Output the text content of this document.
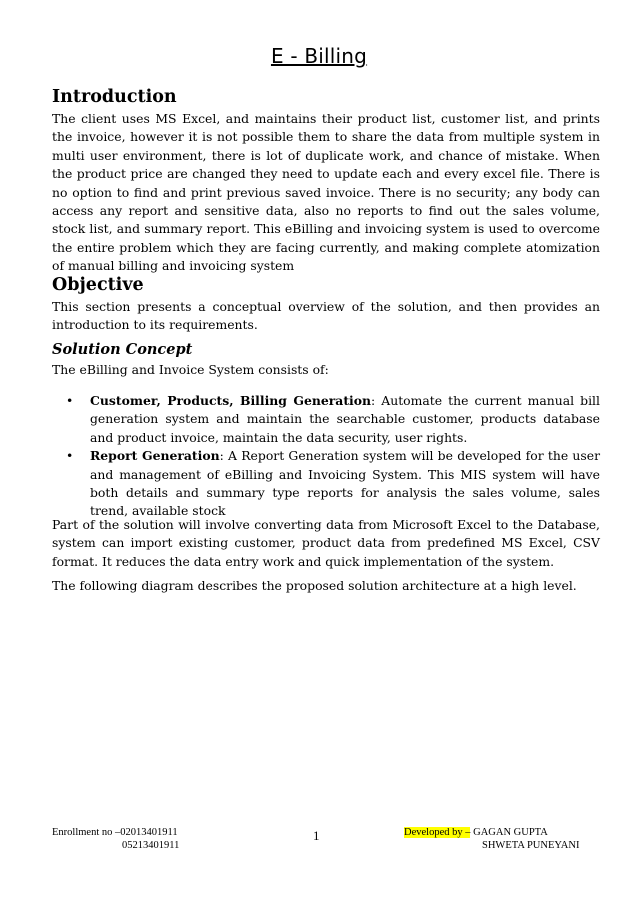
E - Billing
Introduction
The client uses MS Excel, and maintains their product list, customer list, and prints the invoice, however it is not possible them to share the data from multiple system in multi user environment, there is lot of duplicate work, and chance of mistake. When the product price are changed they need to update each and every excel file. There is no option to find and print previous saved invoice. There is no security; any body can access any report and sensitive data, also no reports to find out the sales volume, stock list, and summary report. This eBilling and invoicing system is used to overcome the entire problem which they are facing currently, and making complete atomization of manual billing and invoicing system
Objective
This section presents a conceptual overview of the solution, and then provides an introduction to its requirements.
Solution Concept
The eBilling and Invoice System consists of:
• Customer, Products, Billing Generation: Automate the current manual bill generation system and maintain the searchable customer, products database and product invoice, maintain the data security, user rights.
• Report Generation: A Report Generation system will be developed for the user and management of eBilling and Invoicing System. This MIS system will have both details and summary type reports for analysis the sales volume, sales trend, available stock
Part of the solution will involve converting data from Microsoft Excel to the Database, system can import existing customer, product data from predefined MS Excel, CSV format. It reduces the data entry work and quick implementation of the system.
The following diagram describes the proposed solution architecture at a high level.
Enrollment no –02013401911
05213401911
1	Developed by – GAGAN GUPTA
SHWETA PUNEYANI
